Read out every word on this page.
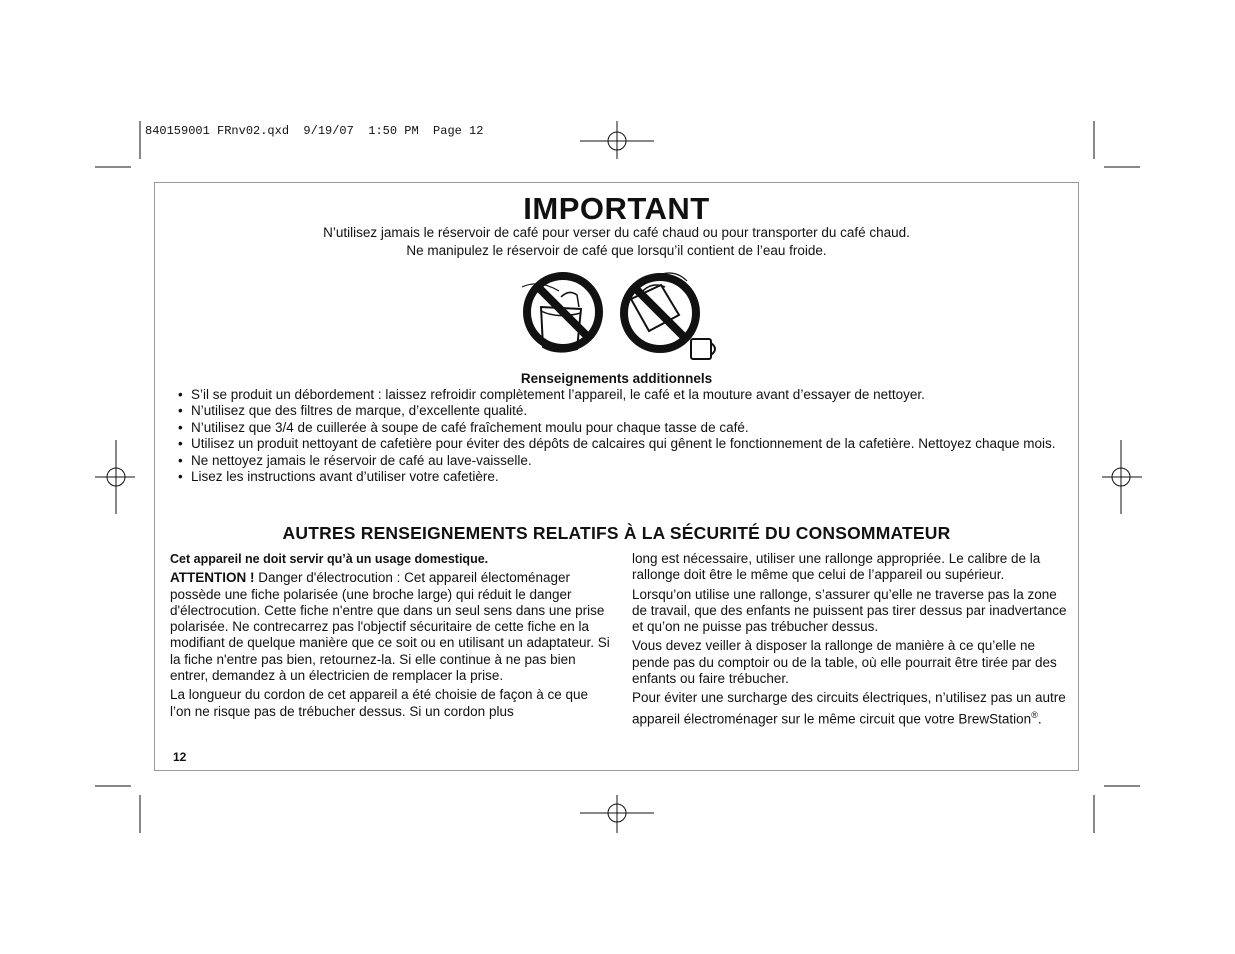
840159001 FRnv02.qxd  9/19/07  1:50 PM  Page 12
IMPORTANT
N’utilisez jamais le réservoir de café pour verser du café chaud ou pour transporter du café chaud.
Ne manipulez le réservoir de café que lorsqu’il contient de l’eau froide.
Renseignements additionnels
• S’il se produit un débordement : laissez refroidir complètement l’appareil, le café et la mouture avant d’essayer de nettoyer.
• N’utilisez que des filtres de marque, d’excellente qualité.
• N’utilisez que 3/4 de cuillerée à soupe de café fraîchement moulu pour chaque tasse de café.
• Utilisez un produit nettoyant de cafetière pour éviter des dépôts de calcaires qui gênent le fonctionnement de la cafetière. Nettoyez chaque mois.
• Ne nettoyez jamais le réservoir de café au lave-vaisselle.
• Lisez les instructions avant d’utiliser votre cafetière.
AUTRES RENSEIGNEMENTS RELATIFS À LA SÉCURITÉ DU CONSOMMATEUR

Cet appareil ne doit servir qu’à un usage domestique.

ATTENTION ! Danger d'électrocution : Cet appareil électoménager possède une fiche polarisée (une broche large) qui réduit le danger d'électrocution. Cette fiche n'entre que dans un seul sens dans une prise polarisée. Ne contrecarrez pas l'objectif sécuritaire de cette fiche en la modifiant de quelque manière que ce soit ou en utilisant un adaptateur. Si la fiche n'entre pas bien, retournez-la. Si elle continue à ne pas bien entrer, demandez à un électricien de remplacer la prise.

La longueur du cordon de cet appareil a été choisie de façon à ce que l’on ne risque pas de trébucher dessus. Si un cordon plus

long est nécessaire, utiliser une rallonge appropriée. Le calibre de la rallonge doit être le même que celui de l’appareil ou supérieur.

Lorsqu’on utilise une rallonge, s’assurer qu’elle ne traverse pas la zone de travail, que des enfants ne puissent pas tirer dessus par inadvertance et qu’on ne puisse pas trébucher dessus.

Vous devez veiller à disposer la rallonge de manière à ce qu’elle ne pende pas du comptoir ou de la table, où elle pourrait être tirée par des enfants ou faire trébucher.

Pour éviter une surcharge des circuits électriques, n’utilisez pas un autre appareil électroménager sur le même circuit que votre BrewStation®.

12
